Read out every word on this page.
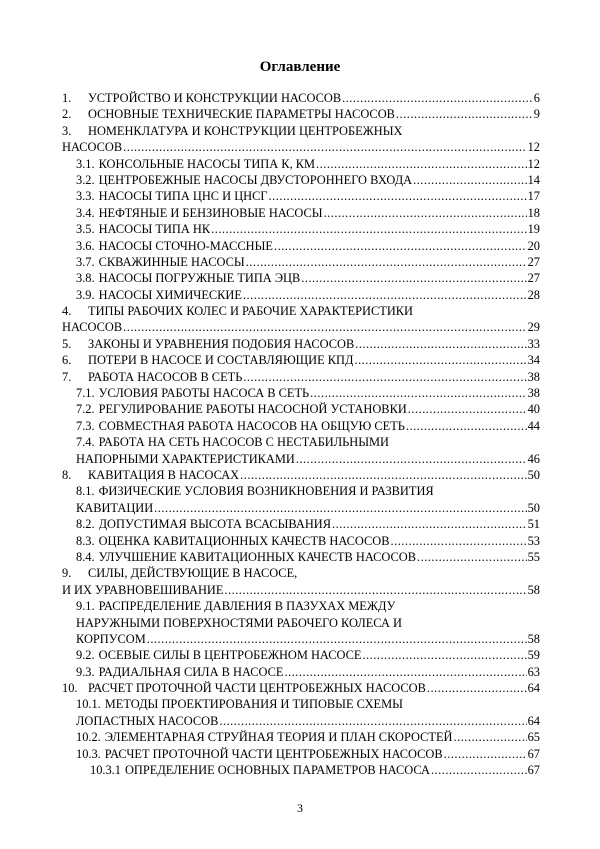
Оглавление
1.	УСТРОЙСТВО И КОНСТРУКЦИИ НАСОСОВ .....	6
2.	ОСНОВНЫЕ ТЕХНИЧЕСКИЕ ПАРАМЕТРЫ НАСОСОВ .....	9
3.	НОМЕНКЛАТУРА И КОНСТРУКЦИИ ЦЕНТРОБЕЖНЫХ
НАСОСОВ .....	12
3.1. КОНСОЛЬНЫЕ НАСОСЫ ТИПА К, КМ .....	12
3.2. ЦЕНТРОБЕЖНЫЕ НАСОСЫ ДВУСТОРОННЕГО ВХОДА .....	14
3.3. НАСОСЫ ТИПА ЦНС И ЦНСГ .....	17
3.4. НЕФТЯНЫЕ И БЕНЗИНОВЫЕ НАСОСЫ .....	18
3.5. НАСОСЫ ТИПА НК .....	19
3.6. НАСОСЫ СТОЧНО-МАССНЫЕ .....	20
3.7. СКВАЖИННЫЕ НАСОСЫ .....	27
3.8. НАСОСЫ ПОГРУЖНЫЕ ТИПА ЭЦВ .....	27
3.9. НАСОСЫ ХИМИЧЕСКИЕ .....	28
4.	ТИПЫ РАБОЧИХ КОЛЕС И РАБОЧИЕ ХАРАКТЕРИСТИКИ
НАСОСОВ .....	29
5.	ЗАКОНЫ И УРАВНЕНИЯ ПОДОБИЯ НАСОСОВ .....	33
6.	ПОТЕРИ В НАСОСЕ И СОСТАВЛЯЮЩИЕ КПД .....	34
7.	РАБОТА НАСОСОВ В СЕТЬ .....	38
7.1. УСЛОВИЯ РАБОТЫ НАСОСА В СЕТЬ .....	38
7.2. РЕГУЛИРОВАНИЕ РАБОТЫ НАСОСНОЙ УСТАНОВКИ .....	40
7.3. СОВМЕСТНАЯ РАБОТА НАСОСОВ НА ОБЩУЮ СЕТЬ .....	44
7.4. РАБОТА НА СЕТЬ НАСОСОВ С НЕСТАБИЛЬНЫМИ
НАПОРНЫМИ ХАРАКТЕРИСТИКАМИ .....	46
8.	КАВИТАЦИЯ В НАСОСАХ .....	50
8.1. ФИЗИЧЕСКИЕ УСЛОВИЯ ВОЗНИКНОВЕНИЯ И РАЗВИТИЯ
КАВИТАЦИИ .....	50
8.2. ДОПУСТИМАЯ ВЫСОТА ВСАСЫВАНИЯ .....	51
8.3. ОЦЕНКА КАВИТАЦИОННЫХ КАЧЕСТВ НАСОСОВ .....	53
8.4. УЛУЧШЕНИЕ КАВИТАЦИОННЫХ КАЧЕСТВ НАСОСОВ .....	55
9.	СИЛЫ, ДЕЙСТВУЮЩИЕ В НАСОСЕ,
И ИХ УРАВНОВЕШИВАНИЕ .....	58
9.1. РАСПРЕДЕЛЕНИЕ ДАВЛЕНИЯ В ПАЗУХАХ МЕЖДУ
НАРУЖНЫМИ ПОВЕРХНОСТЯМИ РАБОЧЕГО КОЛЕСА И
КОРПУСОМ .....	58
9.2. ОСЕВЫЕ СИЛЫ В ЦЕНТРОБЕЖНОМ НАСОСЕ .....	59
9.3. РАДИАЛЬНАЯ СИЛА В НАСОСЕ .....	63
10. РАСЧЕТ ПРОТОЧНОЙ ЧАСТИ ЦЕНТРОБЕЖНЫХ НАСОСОВ .....	64
10.1. МЕТОДЫ ПРОЕКТИРОВАНИЯ И ТИПОВЫЕ СХЕМЫ
ЛОПАСТНЫХ НАСОСОВ .....	64
10.2. ЭЛЕМЕНТАРНАЯ СТРУЙНАЯ ТЕОРИЯ И ПЛАН СКОРОСТЕЙ .....	65
10.3. РАСЧЕТ ПРОТОЧНОЙ ЧАСТИ ЦЕНТРОБЕЖНЫХ НАСОСОВ .....	67
10.3.1 ОПРЕДЕЛЕНИЕ ОСНОВНЫХ ПАРАМЕТРОВ НАСОСА .....	67
3
